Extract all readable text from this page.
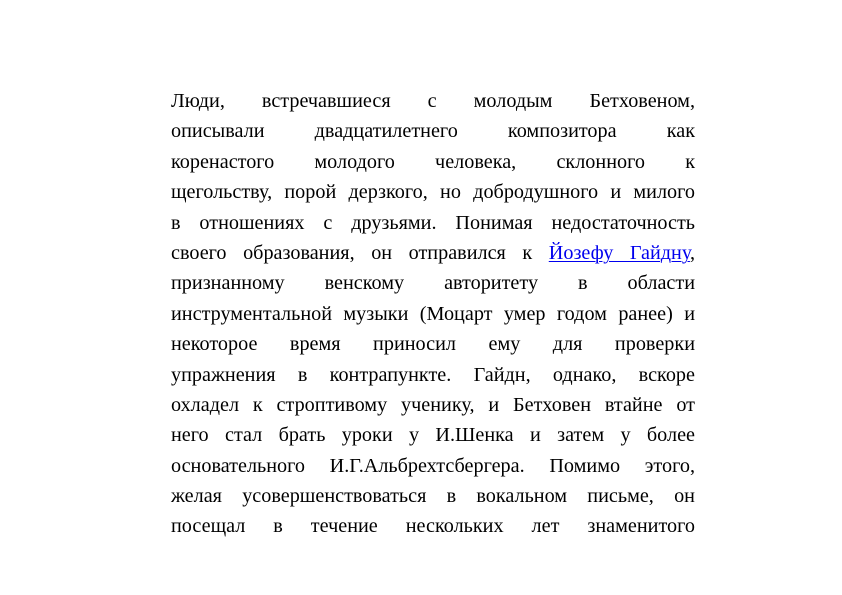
Люди, встречавшиеся с молодым Бетховеном,
описывали двадцатилетнего композитора как
коренастого молодого человека, склонного к
щегольству, порой дерзкого, но добродушного и милого
в отношениях с друзьями. Понимая недостаточность
своего образования, он отправился к Йозефу Гайдну,
признанному венскому авторитету в области
инструментальной музыки (Моцарт умер годом ранее) и
некоторое время приносил ему для проверки
упражнения в контрапункте. Гайдн, однако, вскоре
охладел к строптивому ученику, и Бетховен втайне от
него стал брать уроки у И.Шенка и затем у более
основательного И.Г.Альбрехтсбергера. Помимо этого,
желая усовершенствоваться в вокальном письме, он
посещал в течение нескольких лет знаменитого
